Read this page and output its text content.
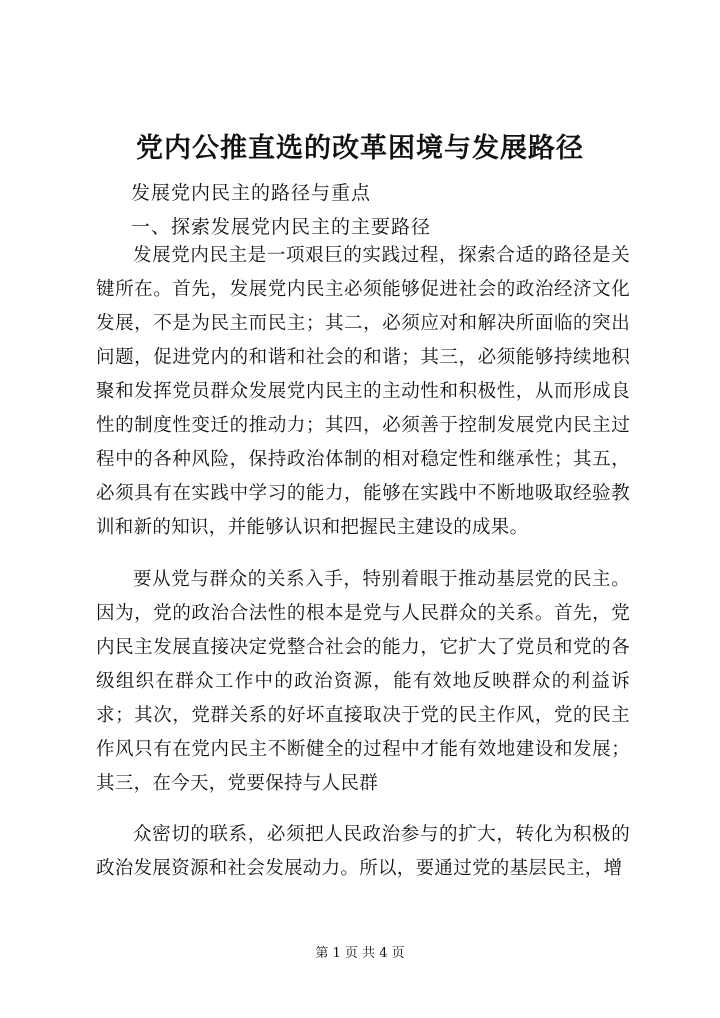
党内公推直选的改革困境与发展路径
发展党内民主的路径与重点
一、探索发展党内民主的主要路径
发展党内民主是一项艰巨的实践过程，探索合适的路径是关键所在。首先，发展党内民主必须能够促进社会的政治经济文化发展，不是为民主而民主；其二，必须应对和解决所面临的突出问题，促进党内的和谐和社会的和谐；其三，必须能够持续地积聚和发挥党员群众发展党内民主的主动性和积极性，从而形成良性的制度性变迁的推动力；其四，必须善于控制发展党内民主过程中的各种风险，保持政治体制的相对稳定性和继承性；其五，必须具有在实践中学习的能力，能够在实践中不断地吸取经验教训和新的知识，并能够认识和把握民主建设的成果。
要从党与群众的关系入手，特别着眼于推动基层党的民主。因为，党的政治合法性的根本是党与人民群众的关系。首先，党内民主发展直接决定党整合社会的能力，它扩大了党员和党的各级组织在群众工作中的政治资源，能有效地反映群众的利益诉求；其次，党群关系的好坏直接取决于党的民主作风，党的民主作风只有在党内民主不断健全的过程中才能有效地建设和发展；其三，在今天，党要保持与人民群
众密切的联系，必须把人民政治参与的扩大，转化为积极的政治发展资源和社会发展动力。所以，要通过党的基层民主，增
第 1 页 共 4 页
